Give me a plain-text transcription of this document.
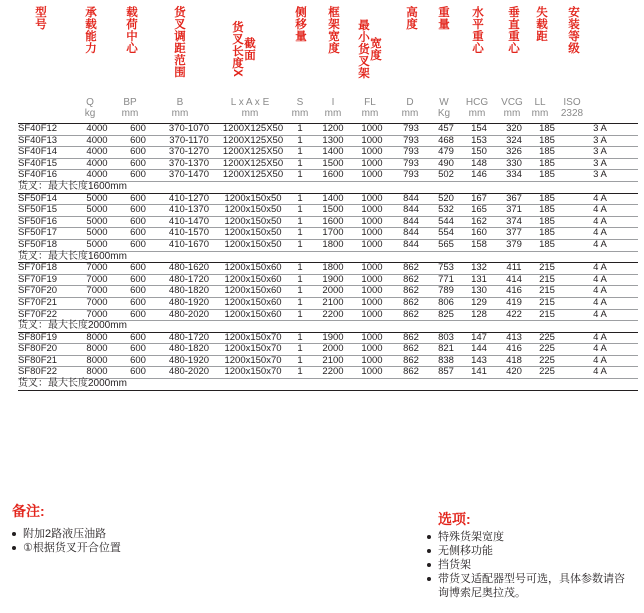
型号	承载能力	载荷中心	货叉调距范围	货叉长度X 截面
侧移量 框架宽度 最小货叉架 宽度
高度 重量 水平重心 垂直重心 失载距 安装等级
Q	BP	B	L x A x E	S	I	FL	D	W	HCG	VCG	LL	ISO
kg	mm	mm	mm	mm	mm	mm	mm	Kg	mm	mm	mm	2328
SF40F12	4000	600	370-1070	1200X125X50	1	1200	1000	793	457	154	320	185	3 A
SF40F13	4000	600	370-1170	1200X125X50	1	1300	1000	793	468	153	324	185	3 A
SF40F14	4000	600	370-1270	1200X125X50	1	1400	1000	793	479	150	326	185	3 A
SF40F15	4000	600	370-1370	1200X125X50	1	1500	1000	793	490	148	330	185	3 A
SF40F16	4000	600	370-1470	1200X125X50	1	1600	1000	793	502	146	334	185	3 A
货叉：最大长度1600mm													
SF50F14	5000	600	410-1270	1200x150x50	1	1400	1000	844	520	167	367	185	4 A
SF50F15	5000	600	410-1370	1200x150x50	1	1500	1000	844	532	165	371	185	4 A
SF50F16	5000	600	410-1470	1200x150x50	1	1600	1000	844	544	162	374	185	4 A
SF50F17	5000	600	410-1570	1200x150x50	1	1700	1000	844	554	160	377	185	4 A
SF50F18	5000	600	410-1670	1200x150x50	1	1800	1000	844	565	158	379	185	4 A
货叉：最大长度1600mm													
SF70F18	7000	600	480-1620	1200x150x60	1	1800	1000	862	753	132	411	215	4 A
SF70F19	7000	600	480-1720	1200x150x60	1	1900	1000	862	771	131	414	215	4 A
SF70F20	7000	600	480-1820	1200x150x60	1	2000	1000	862	789	130	416	215	4 A
SF70F21	7000	600	480-1920	1200x150x60	1	2100	1000	862	806	129	419	215	4 A
SF70F22	7000	600	480-2020	1200x150x60	1	2200	1000	862	825	128	422	215	4 A
货叉：最大长度2000mm													
SF80F19	8000	600	480-1720	1200x150x70	1	1900	1000	862	803	147	413	225	4 A
SF80F20	8000	600	480-1820	1200x150x70	1	2000	1000	862	821	144	416	225	4 A
SF80F21	8000	600	480-1920	1200x150x70	1	2100	1000	862	838	143	418	225	4 A
SF80F22	8000	600	480-2020	1200x150x70	1	2200	1000	862	857	141	420	225	4 A
货叉：最大长度2000mm													
备注:
附加2路液压油路
①根据货叉开合位置
选项:
特殊货架宽度
无侧移功能
挡货架
带货叉适配器型号可选，具体参数请咨询博索尼奥拉茂。
